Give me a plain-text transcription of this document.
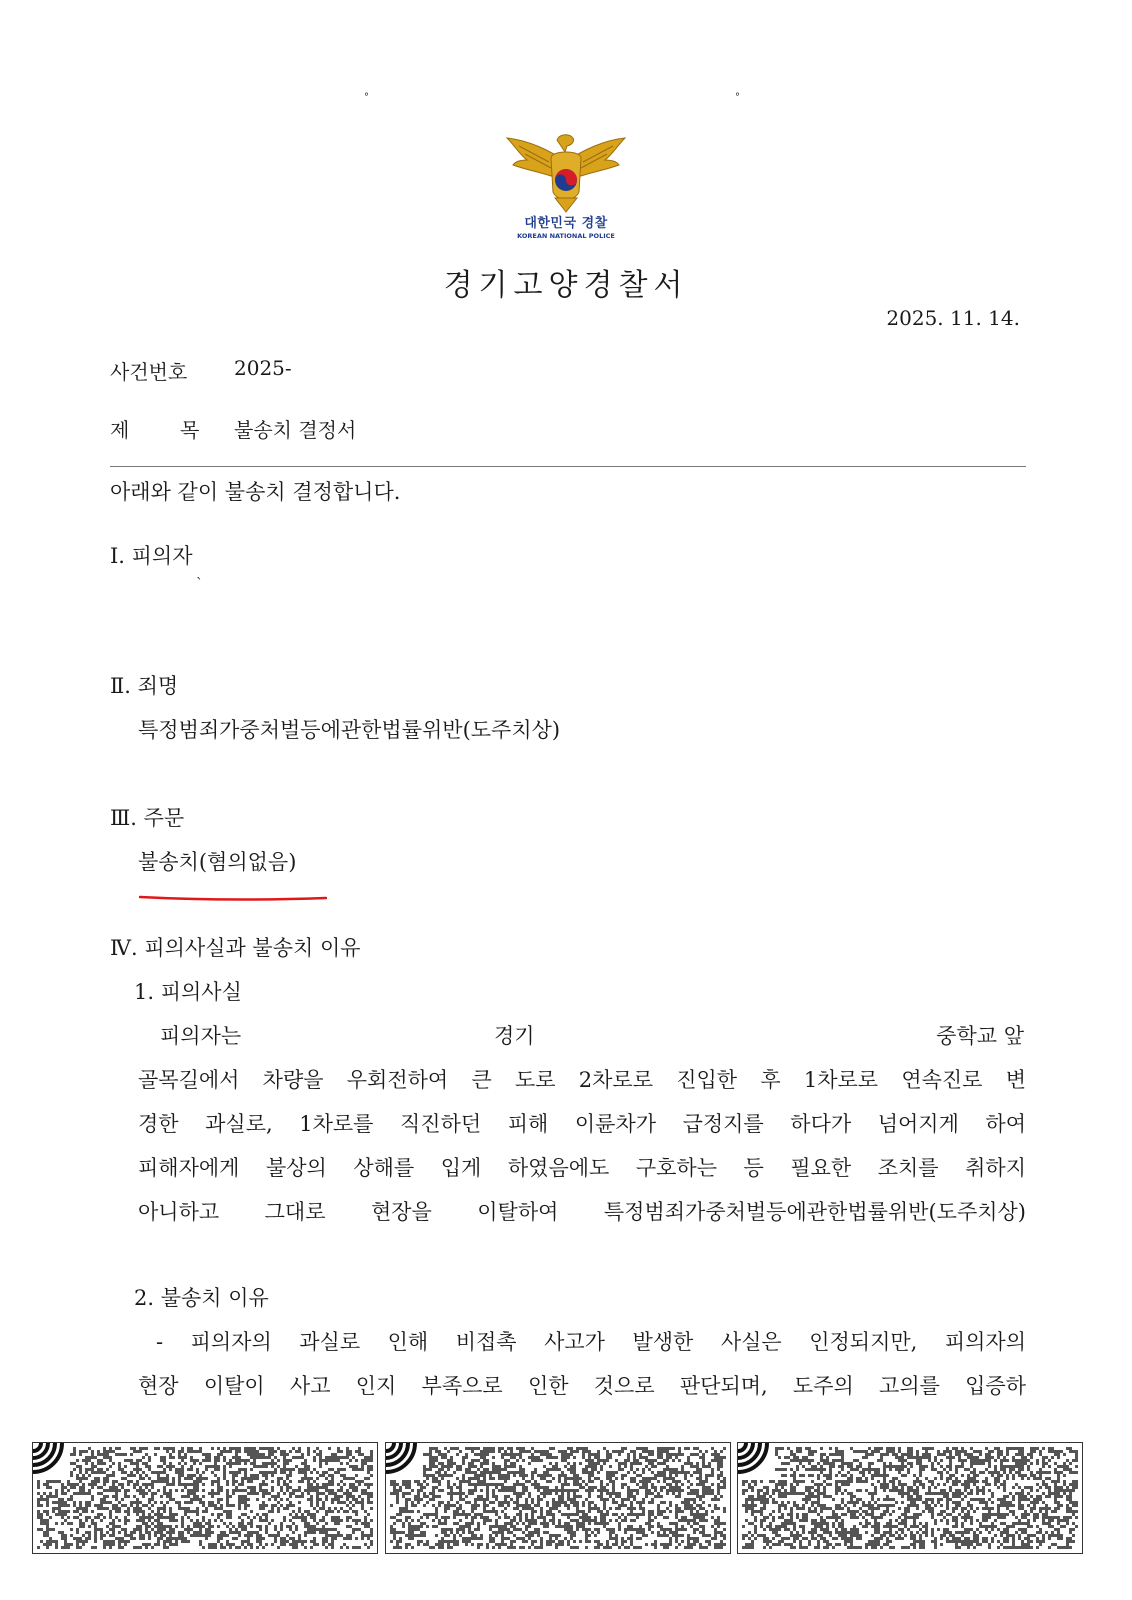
°	°
대한민국 경찰
KOREAN NATIONAL POLICE
경기고양경찰서
2025. 11. 14.
사건번호 2025-
제	목 불송치 결정서
아래와 같이 불송치 결정합니다.
Ⅰ. 피의자
`
Ⅱ. 죄명
특정범죄가중처벌등에관한법률위반(도주치상)
Ⅲ. 주문
불송치(혐의없음)
Ⅳ. 피의사실과 불송치 이유
1. 피의사실
피의자는	경기	중학교 앞
골목길에서 차량을 우회전하여 큰 도로 2차로로 진입한 후 1차로로 연속진로 변
경한 과실로, 1차로를 직진하던 피해 이륜차가 급정지를 하다가 넘어지게 하여
피해자에게 불상의 상해를 입게 하였음에도 구호하는 등 필요한 조치를 취하지
아니하고 그대로 현장을 이탈하여 특정범죄가중처벌등에관한법률위반(도주치상)
2. 불송치 이유
- 피의자의 과실로 인해 비접촉 사고가 발생한 사실은 인정되지만, 피의자의
현장 이탈이 사고 인지 부족으로 인한 것으로 판단되며, 도주의 고의를 입증하
